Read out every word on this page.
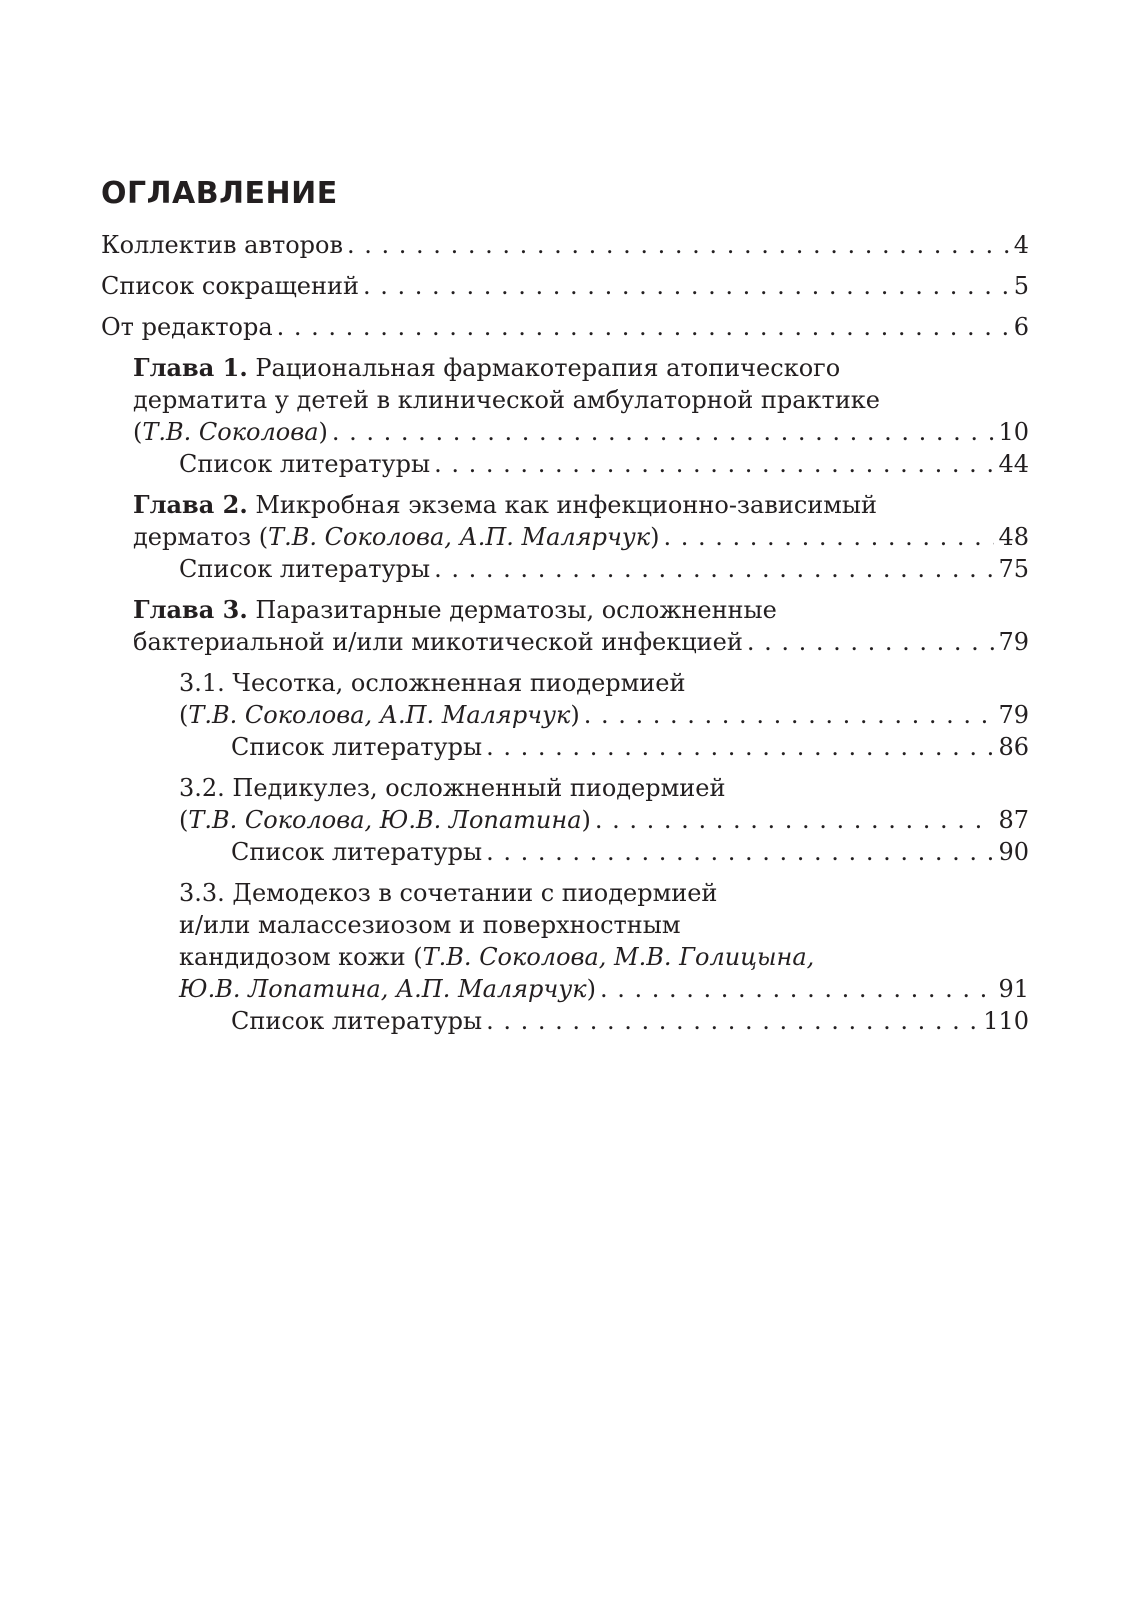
ОГЛАВЛЕНИЕ
Коллектив авторов . . .	4
Список сокращений . . .	5
От редактора . . .	6
Глава 1. Рациональная фармакотерапия атопического
дерматита у детей в клинической амбулаторной практике
(Т.В. Соколова) . . .	10
Список литературы . . .	44
Глава 2. Микробная экзема как инфекционно-зависимый
дерматоз (Т.В. Соколова, А.П. Малярчук) . . .	48
Список литературы . . .	75
Глава 3. Паразитарные дерматозы, осложненные
бактериальной и/или микотической инфекцией . . .	79
3.1. Чесотка, осложненная пиодермией
(Т.В. Соколова, А.П. Малярчук) . . .	79
Список литературы . . .	86
3.2. Педикулез, осложненный пиодермией
(Т.В. Соколова, Ю.В. Лопатина) . . .	87
Список литературы . . .	90
3.3. Демодекоз в сочетании с пиодермией
и/или малассезиозом и поверхностным
кандидозом кожи (Т.В. Соколова, М.В. Голицына,
Ю.В. Лопатина, А.П. Малярчук) . . .	91
Список литературы . . .	110
